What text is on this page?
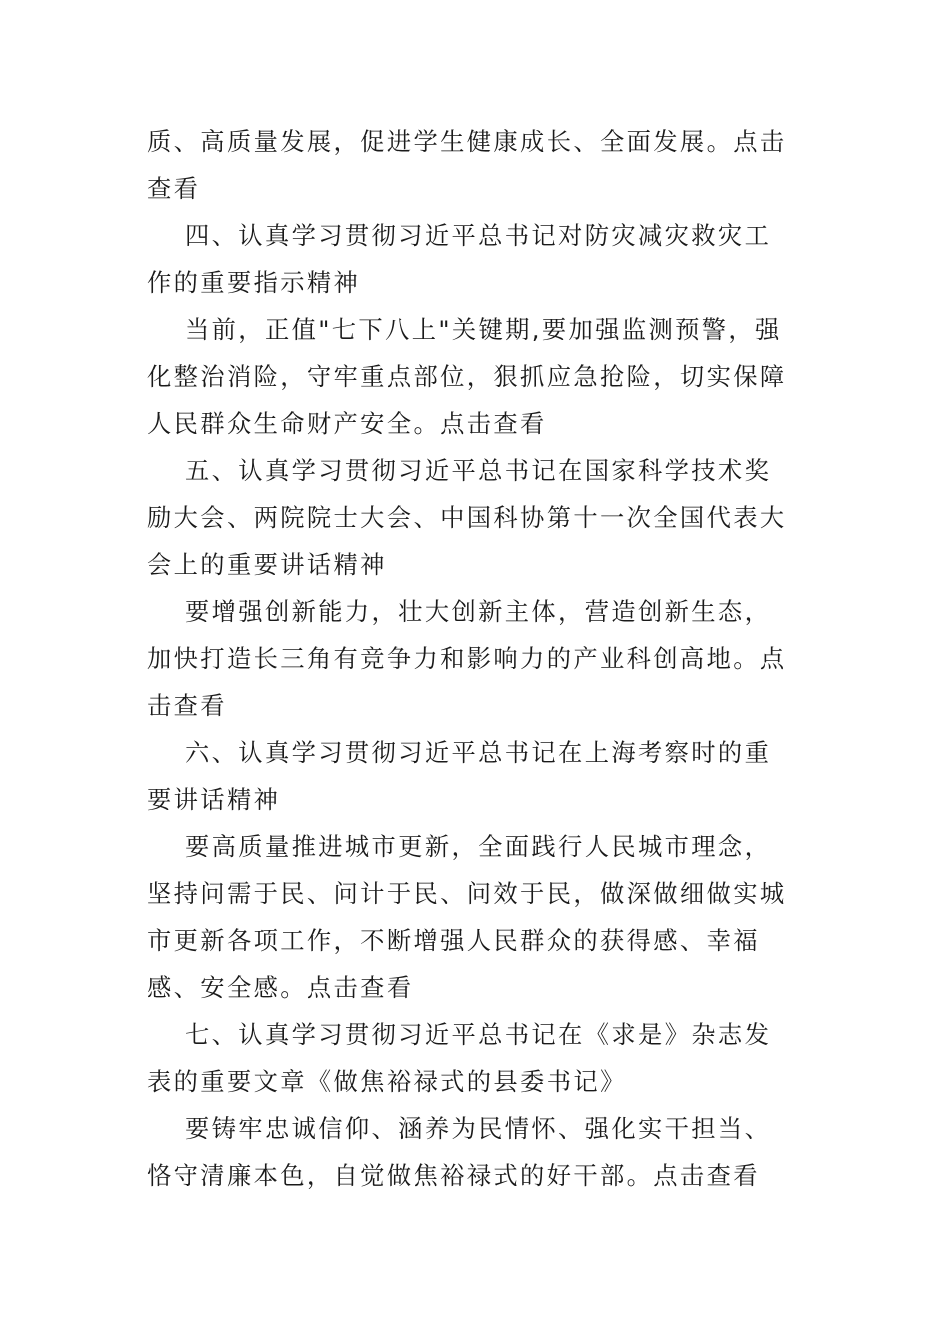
质、高质量发展，促进学生健康成长、全面发展。点击查看

四、认真学习贯彻习近平总书记对防灾减灾救灾工作的重要指示精神

当前，正值"七下八上"关键期,要加强监测预警，强化整治消险，守牢重点部位，狠抓应急抢险，切实保障人民群众生命财产安全。点击查看

五、认真学习贯彻习近平总书记在国家科学技术奖励大会、两院院士大会、中国科协第十一次全国代表大会上的重要讲话精神

要增强创新能力，壮大创新主体，营造创新生态，加快打造长三角有竞争力和影响力的产业科创高地。点击查看

六、认真学习贯彻习近平总书记在上海考察时的重要讲话精神

要高质量推进城市更新，全面践行人民城市理念，坚持问需于民、问计于民、问效于民，做深做细做实城市更新各项工作，不断增强人民群众的获得感、幸福感、安全感。点击查看

七、认真学习贯彻习近平总书记在《求是》杂志发表的重要文章《做焦裕禄式的县委书记》

要铸牢忠诚信仰、涵养为民情怀、强化实干担当、恪守清廉本色，自觉做焦裕禄式的好干部。点击查看
